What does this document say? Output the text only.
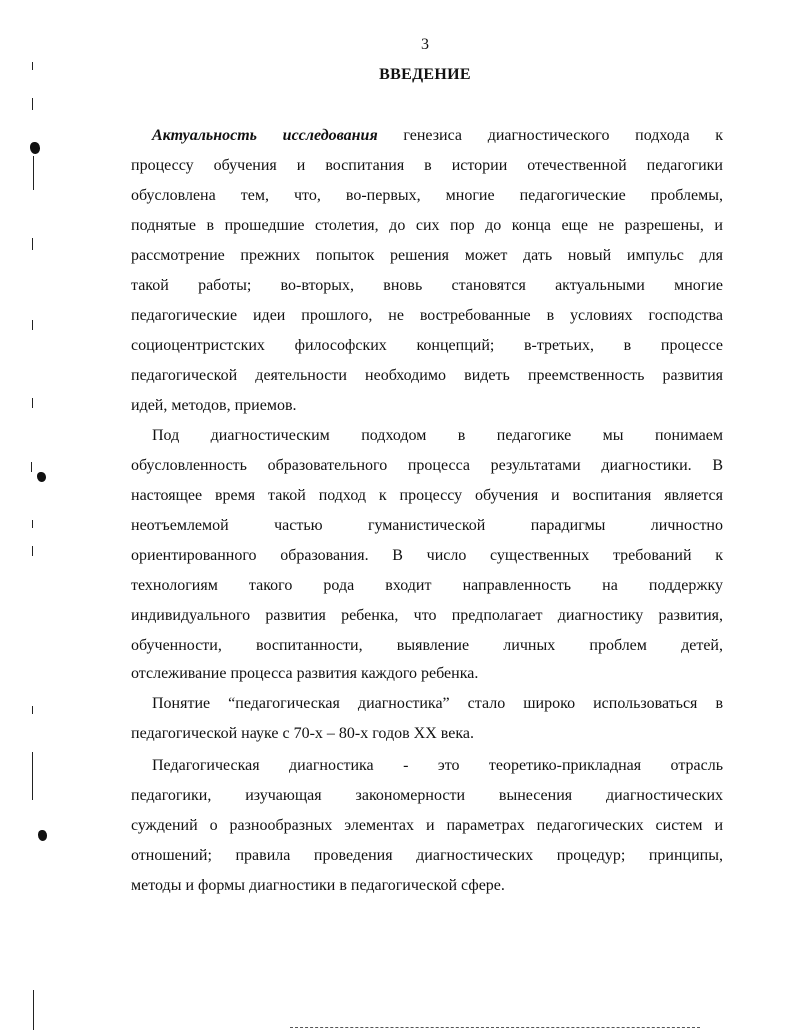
3
ВВЕДЕНИЕ
Актуальность исследования генезиса диагностического подхода к
процессу обучения и воспитания в истории отечественной педагогики
обусловлена тем, что, во-первых, многие педагогические проблемы,
поднятые в прошедшие столетия, до сих пор до конца еще не разрешены, и
рассмотрение прежних попыток решения может дать новый импульс для
такой работы; во-вторых, вновь становятся актуальными многие
педагогические идеи прошлого, не востребованные в условиях господства
социоцентристских философских концепций; в-третьих, в процессе
педагогической деятельности необходимо видеть преемственность развития
идей, методов, приемов.
Под диагностическим подходом в педагогике мы понимаем
обусловленность образовательного процесса результатами диагностики. В
настоящее время такой подход к процессу обучения и воспитания является
неотъемлемой частью гуманистической парадигмы личностно
ориентированного образования. В число существенных требований к
технологиям такого рода входит направленность на поддержку
индивидуального развития ребенка, что предполагает диагностику развития,
обученности, воспитанности, выявление личных проблем детей,
отслеживание процесса развития каждого ребенка.
Понятие “педагогическая диагностика” стало широко использоваться в
педагогической науке с 70-х – 80-х годов XX века.
Педагогическая диагностика - это теоретико-прикладная отрасль
педагогики, изучающая закономерности вынесения диагностических
суждений о разнообразных элементах и параметрах педагогических систем и
отношений; правила проведения диагностических процедур; принципы,
методы и формы диагностики в педагогической сфере.
